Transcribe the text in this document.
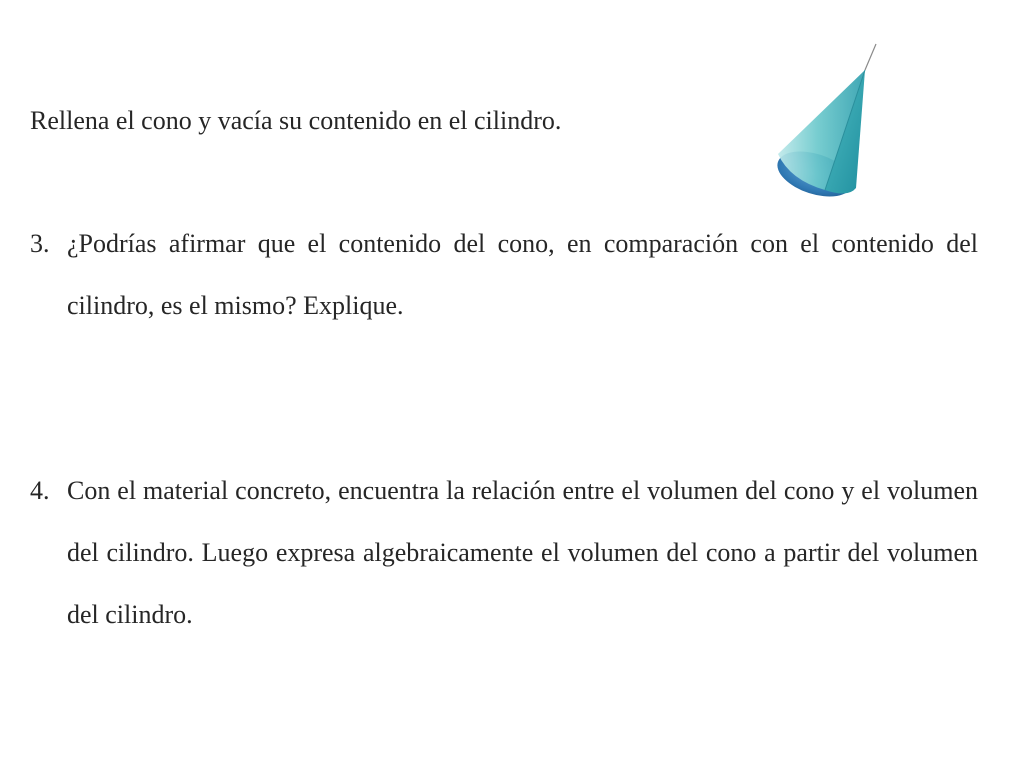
Rellena el cono y vacía su contenido en el cilindro.

3. ¿Podrías afirmar que el contenido del cono, en comparación con el contenido del cilindro, es el mismo? Explique.

4. Con el material concreto, encuentra la relación entre el volumen del cono y el volumen del cilindro. Luego expresa algebraicamente el volumen del cono a partir del volumen del cilindro.
